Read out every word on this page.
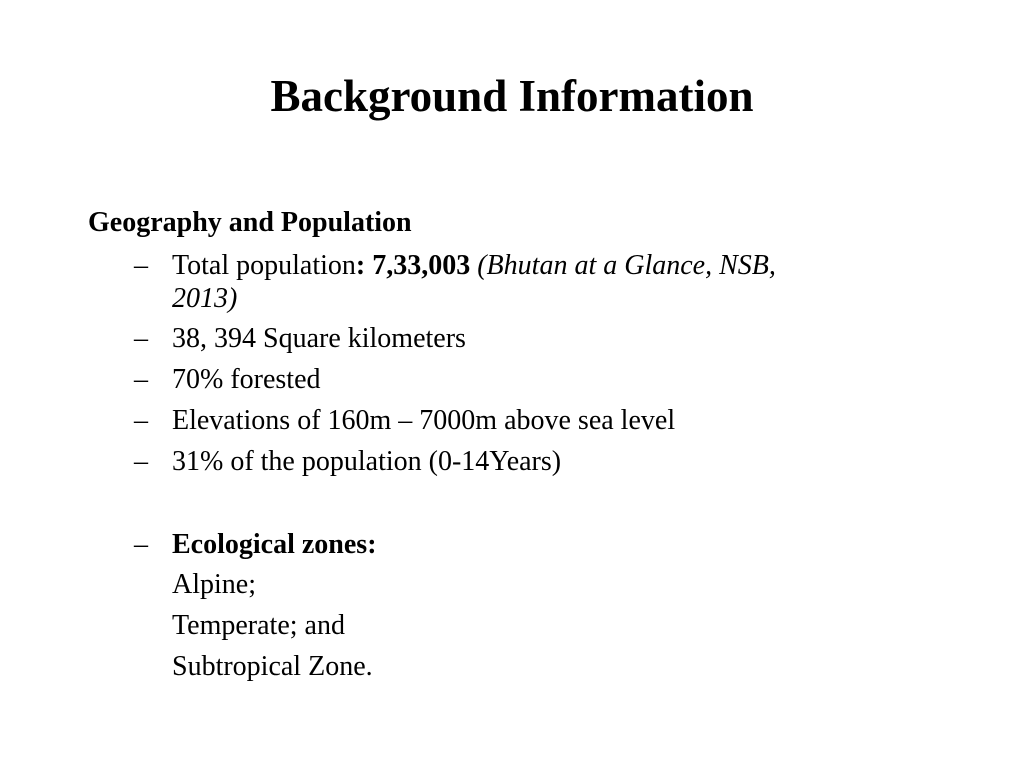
Background Information
Geography and Population
– Total population: 7,33,003 (Bhutan at a Glance, NSB,
2013)
– 38, 394 Square kilometers
– 70% forested
– Elevations of 160m – 7000m above sea level
– 31% of the population (0-14Years)
– Ecological zones:
Alpine;
Temperate; and
Subtropical Zone.
